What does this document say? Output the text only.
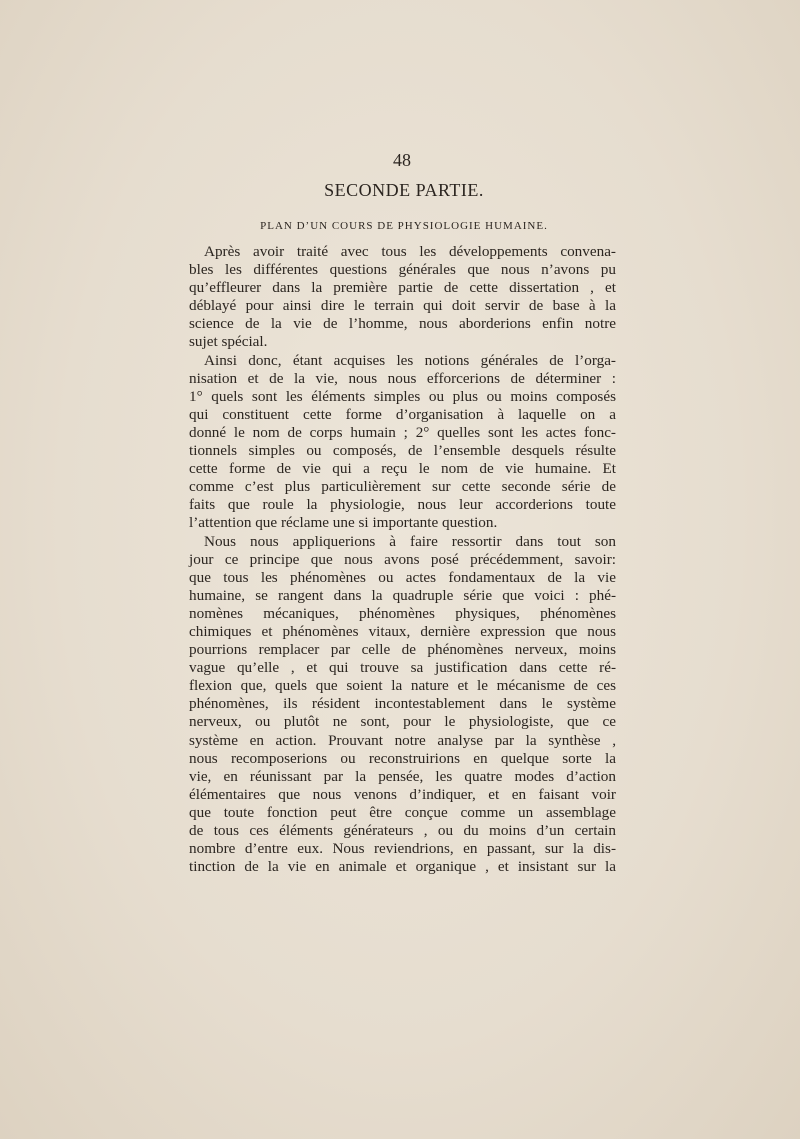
48
SECONDE PARTIE.
PLAN D’UN COURS DE PHYSIOLOGIE HUMAINE.
Après avoir traité avec tous les développements convena-
bles les différentes questions générales que nous n’avons pu
qu’effleurer dans la première partie de cette dissertation , et
déblayé pour ainsi dire le terrain qui doit servir de base à la
science de la vie de l’homme, nous aborderions enfin notre
sujet spécial.
Ainsi donc, étant acquises les notions générales de l’orga-
nisation et de la vie, nous nous efforcerions de déterminer :
1° quels sont les éléments simples ou plus ou moins composés
qui constituent cette forme d’organisation à laquelle on a
donné le nom de corps humain ; 2° quelles sont les actes fonc-
tionnels simples ou composés, de l’ensemble desquels résulte
cette forme de vie qui a reçu le nom de vie humaine. Et
comme c’est plus particulièrement sur cette seconde série de
faits que roule la physiologie, nous leur accorderions toute
l’attention que réclame une si importante question.
Nous nous appliquerions à faire ressortir dans tout son
jour ce principe que nous avons posé précédemment, savoir:
que tous les phénomènes ou actes fondamentaux de la vie
humaine, se rangent dans la quadruple série que voici : phé-
nomènes mécaniques, phénomènes physiques, phénomènes
chimiques et phénomènes vitaux, dernière expression que nous
pourrions remplacer par celle de phénomènes nerveux, moins
vague qu’elle , et qui trouve sa justification dans cette ré-
flexion que, quels que soient la nature et le mécanisme de ces
phénomènes, ils résident incontestablement dans le système
nerveux, ou plutôt ne sont, pour le physiologiste, que ce
système en action. Prouvant notre analyse par la synthèse ,
nous recomposerions ou reconstruirions en quelque sorte la
vie, en réunissant par la pensée, les quatre modes d’action
élémentaires que nous venons d’indiquer, et en faisant voir
que toute fonction peut être conçue comme un assemblage
de tous ces éléments générateurs , ou du moins d’un certain
nombre d’entre eux. Nous reviendrions, en passant, sur la dis-
tinction de la vie en animale et organique , et insistant sur la
